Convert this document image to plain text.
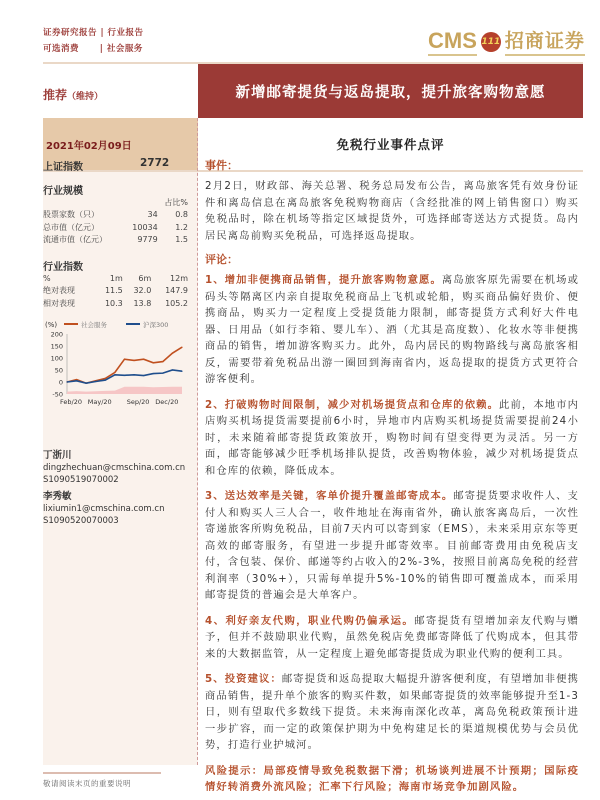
证券研究报告 | 行业报告
可选消费      | 社会服务	CMS 111 招商证券
新增邮寄提货与返岛提取，提升旅客购物意愿
推荐（维持）
2021年02月09日	免税行业事件点评
上证指数	2772
行业规模
		占比%
股票家数（只）	34	0.8
总市值（亿元）	10034	1.2
流通市值（亿元）	9779	1.5
行业指数
%	1m	6m	12m
绝对表现	11.5	32.0	147.9
相对表现	10.3	13.8	105.2
(%)	社会服务	沪深300
200
150
100
50
0
-50
Feb/20 May/20 Sep/20 Dec/20
丁浙川
dingzhechuan@cmschina.com.cn
S1090519070002
李秀敏
lixiumin1@cmschina.com.cn
S1090520070003
事件：
2月2日，财政部、海关总署、税务总局发布公告，离岛旅客凭有效身份证件和离岛信息在离岛旅客免税购物商店（含经批准的网上销售窗口）购买免税品时，除在机场等指定区域提货外，可选择邮寄送达方式提货。岛内居民离岛前购买免税品，可选择返岛提取。
评论：
1、增加非便携商品销售，提升旅客购物意愿。离岛旅客原先需要在机场或码头等隔离区内亲自提取免税商品上飞机或轮船，购买商品偏好贵价、便携商品，购买力一定程度上受提货能力限制，邮寄提货方式利好大件电器、日用品（如行李箱、婴儿车）、酒（尤其是高度数）、化妆水等非便携商品的销售，增加游客购买力。此外，岛内居民的购物路线与离岛旅客相反，需要带着免税品出游一圈回到海南省内，返岛提取的提货方式更符合游客便利。
2、打破购物时间限制，减少对机场提货点和仓库的依赖。此前，本地市内店购买机场提货需要提前6小时，异地市内店购买机场提货需要提前24小时，未来随着邮寄提货政策放开，购物时间有望变得更为灵活。另一方面，邮寄能够减少旺季机场排队提货，改善购物体验，减少对机场提货点和仓库的依赖，降低成本。
3、送达效率是关键，客单价提升覆盖邮寄成本。邮寄提货要求收件人、支付人和购买人三人合一，收件地址在海南省外，确认旅客离岛后，一次性寄递旅客所购免税品，目前7天内可以寄到家（EMS），未来采用京东等更高效的邮寄服务，有望进一步提升邮寄效率。目前邮寄费用由免税店支付，含包装、保价、邮递等约占收入的2%-3%，按照目前离岛免税的经营利润率（30%+），只需每单提升5%-10%的销售即可覆盖成本，而采用邮寄提货的普遍会是大单客户。
4、利好亲友代购，职业代购仍偏承运。邮寄提货有望增加亲友代购与赠予，但并不鼓励职业代购，虽然免税店免费邮寄降低了代购成本，但其带来的大数据监管，从一定程度上避免邮寄提货成为职业代购的便利工具。
5、投资建议：邮寄提货和返岛提取大幅提升游客便利度，有望增加非便携商品销售，提升单个旅客的购买件数，如果邮寄提货的效率能够提升至1-3日，则有望取代多数线下提货。未来海南深化改革，离岛免税政策预计进一步扩容，而一定的政策保护期为中免构建足长的渠道规模优势与会员优势，打造行业护城河。
风险提示：局部疫情导致免税数据下滑；机场谈判进展不计预期；国际疫情好转消费外流风险；汇率下行风险；海南市场竞争加剧风险。
敬请阅读末页的重要说明
